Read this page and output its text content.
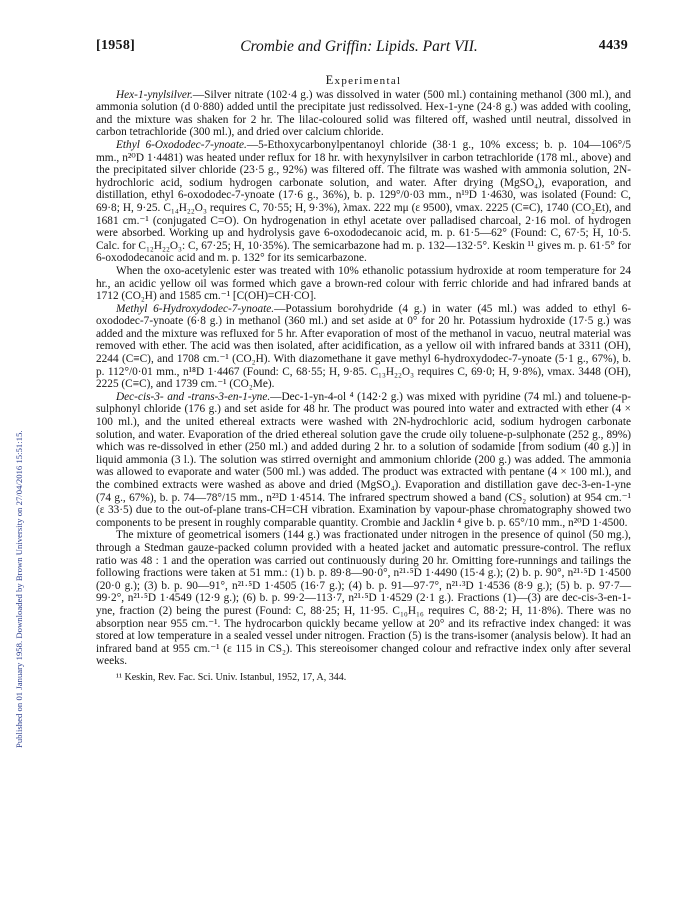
Published on 01 January 1958. Downloaded by Brown University on 27/04/2016 15:51:15.
[1958]	Crombie and Griffin: Lipids. Part VII.	4439
Experimental

Hex-1-ynylsilver.—Silver nitrate (102·4 g.) was dissolved in water (500 ml.) containing methanol (300 ml.), and ammonia solution (d 0·880) added until the precipitate just redissolved. Hex-1-yne (24·8 g.) was added with cooling, and the mixture was shaken for 2 hr. The lilac-coloured solid was filtered off, washed until neutral, dissolved in carbon tetrachloride (300 ml.), and dried over calcium chloride.

Ethyl 6-Oxododec-7-ynoate.—5-Ethoxycarbonylpentanoyl chloride (38·1 g., 10% excess; b. p. 104—106°/5 mm., n²⁰D 1·4481) was heated under reflux for 18 hr. with hexynylsilver in carbon tetrachloride (178 ml., above) and the precipitated silver chloride (23·5 g., 92%) was filtered off. The filtrate was washed with ammonia solution, 2N-hydrochloric acid, sodium hydrogen carbonate solution, and water. After drying (MgSO₄), evaporation, and distillation, ethyl 6-oxododec-7-ynoate (17·6 g., 36%), b. p. 129°/0·03 mm., n¹⁹D 1·4630, was isolated (Found: C, 69·8; H, 9·25. C₁₄H₂₂O₃ requires C, 70·55; H, 9·3%), λmax. 222 mμ (ε 9500), νmax. 2225 (C≡C), 1740 (CO₂Et), and 1681 cm.⁻¹ (conjugated C=O). On hydrogenation in ethyl acetate over palladised charcoal, 2·16 mol. of hydrogen were absorbed. Working up and hydrolysis gave 6-oxododecanoic acid, m. p. 61·5—62° (Found: C, 67·5; H, 10·5. Calc. for C₁₂H₂₂O₃: C, 67·25; H, 10·35%). The semicarbazone had m. p. 132—132·5°. Keskin ¹¹ gives m. p. 61·5° for 6-oxododecanoic acid and m. p. 132° for its semicarbazone.

When the oxo-acetylenic ester was treated with 10% ethanolic potassium hydroxide at room temperature for 24 hr., an acidic yellow oil was formed which gave a brown-red colour with ferric chloride and had infrared bands at 1712 (CO₂H) and 1585 cm.⁻¹ [C(OH)=CH·CO].

Methyl 6-Hydroxydodec-7-ynoate.—Potassium borohydride (4 g.) in water (45 ml.) was added to ethyl 6-oxododec-7-ynoate (6·8 g.) in methanol (360 ml.) and set aside at 0° for 20 hr. Potassium hydroxide (17·5 g.) was added and the mixture was refluxed for 5 hr. After evaporation of most of the methanol in vacuo, neutral material was removed with ether. The acid was then isolated, after acidification, as a yellow oil with infrared bands at 3311 (OH), 2244 (C≡C), and 1708 cm.⁻¹ (CO₂H). With diazomethane it gave methyl 6-hydroxydodec-7-ynoate (5·1 g., 67%), b. p. 112°/0·01 mm., n¹⁸D 1·4467 (Found: C, 68·55; H, 9·85. C₁₃H₂₂O₃ requires C, 69·0; H, 9·8%), νmax. 3448 (OH), 2225 (C≡C), and 1739 cm.⁻¹ (CO₂Me).

Dec-cis-3- and -trans-3-en-1-yne.—Dec-1-yn-4-ol ⁴ (142·2 g.) was mixed with pyridine (74 ml.) and toluene-p-sulphonyl chloride (176 g.) and set aside for 48 hr. The product was poured into water and extracted with ether (4 × 100 ml.), and the united ethereal extracts were washed with 2N-hydrochloric acid, sodium hydrogen carbonate solution, and water. Evaporation of the dried ethereal solution gave the crude oily toluene-p-sulphonate (252 g., 89%) which was re-dissolved in ether (250 ml.) and added during 2 hr. to a solution of sodamide [from sodium (40 g.)] in liquid ammonia (3 l.). The solution was stirred overnight and ammonium chloride (200 g.) was added. The ammonia was allowed to evaporate and water (500 ml.) was added. The product was extracted with pentane (4 × 100 ml.), and the combined extracts were washed as above and dried (MgSO₄). Evaporation and distillation gave dec-3-en-1-yne (74 g., 67%), b. p. 74—78°/15 mm., n²³D 1·4514. The infrared spectrum showed a band (CS₂ solution) at 954 cm.⁻¹ (ε 33·5) due to the out-of-plane trans-CH=CH vibration. Examination by vapour-phase chromatography showed two components to be present in roughly comparable quantity. Crombie and Jacklin ⁴ give b. p. 65°/10 mm., n²⁰D 1·4500.

The mixture of geometrical isomers (144 g.) was fractionated under nitrogen in the presence of quinol (50 mg.), through a Stedman gauze-packed column provided with a heated jacket and automatic pressure-control. The reflux ratio was 48 : 1 and the operation was carried out continuously during 20 hr. Omitting fore-runnings and tailings the following fractions were taken at 51 mm.: (1) b. p. 89·8—90·0°, n²¹·⁵D 1·4490 (15·4 g.); (2) b. p. 90°, n²¹·⁵D 1·4500 (20·0 g.); (3) b. p. 90—91°, n²¹·⁵D 1·4505 (16·7 g.); (4) b. p. 91—97·7°, n²¹·³D 1·4536 (8·9 g.); (5) b. p. 97·7—99·2°, n²¹·⁵D 1·4549 (12·9 g.); (6) b. p. 99·2—113·7, n²¹·⁵D 1·4529 (2·1 g.). Fractions (1)—(3) are dec-cis-3-en-1-yne, fraction (2) being the purest (Found: C, 88·25; H, 11·95. C₁₀H₁₆ requires C, 88·2; H, 11·8%). There was no absorption near 955 cm.⁻¹. The hydrocarbon quickly became yellow at 20° and its refractive index changed: it was stored at low temperature in a sealed vessel under nitrogen. Fraction (5) is the trans-isomer (analysis below). It had an infrared band at 955 cm.⁻¹ (ε 115 in CS₂). This stereoisomer changed colour and refractive index only after several weeks.

¹¹ Keskin, Rev. Fac. Sci. Univ. Istanbul, 1952, 17, A, 344.
